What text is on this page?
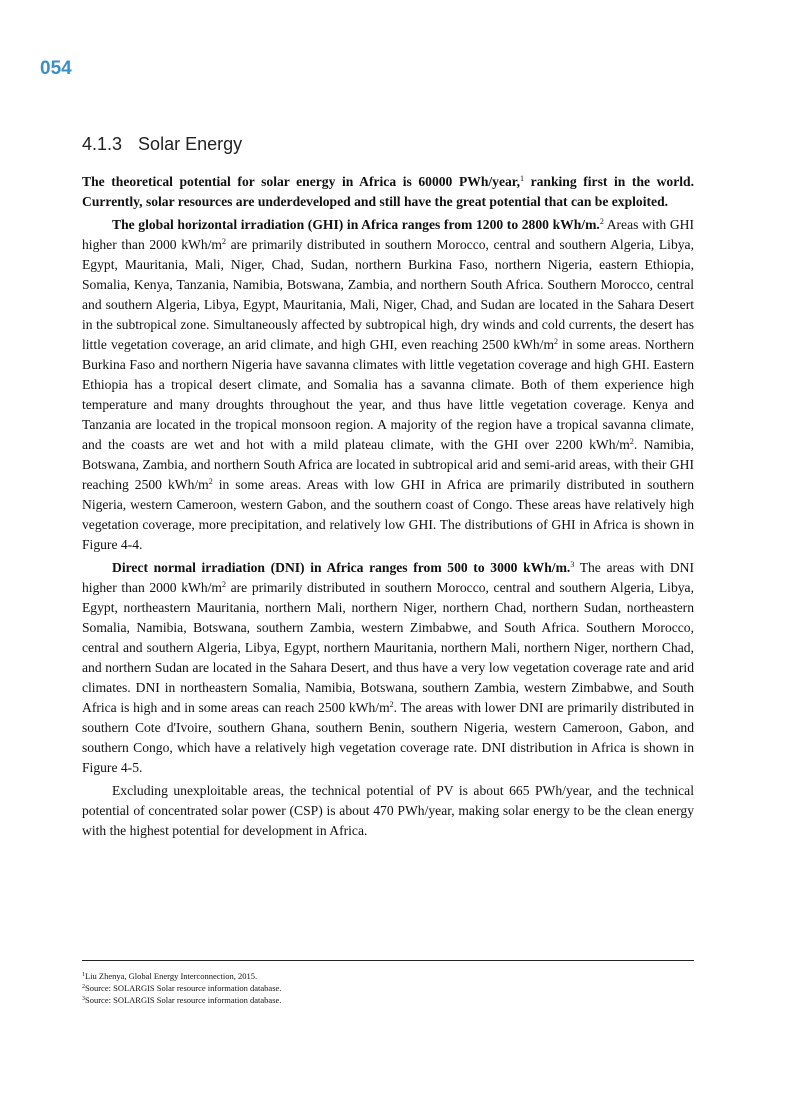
054
4.1.3 Solar Energy

The theoretical potential for solar energy in Africa is 60000 PWh/year,$^1$ ranking first in the world. Currently, solar resources are underdeveloped and still have the great potential that can be exploited.

The global horizontal irradiation (GHI) in Africa ranges from 1200 to 2800 kWh/m.$^2$ Areas with GHI higher than 2000 kWh/$m^2$ are primarily distributed in southern Morocco, central and southern Algeria, Libya, Egypt, Mauritania, Mali, Niger, Chad, Sudan, northern Burkina Faso, northern Nigeria, eastern Ethiopia, Somalia, Kenya, Tanzania, Namibia, Botswana, Zambia, and northern South Africa. Southern Morocco, central and southern Algeria, Libya, Egypt, Mauritania, Mali, Niger, Chad, and Sudan are located in the Sahara Desert in the subtropical zone. Simultaneously affected by subtropical high, dry winds and cold currents, the desert has little vegetation coverage, an arid climate, and high GHI, even reaching 2500 kWh/$m^2$ in some areas. Northern Burkina Faso and northern Nigeria have savanna climates with little vegetation coverage and high GHI. Eastern Ethiopia has a tropical desert climate, and Somalia has a savanna climate. Both of them experience high temperature and many droughts throughout the year, and thus have little vegetation coverage. Kenya and Tanzania are located in the tropical monsoon region. A majority of the region have a tropical savanna climate, and the coasts are wet and hot with a mild plateau climate, with the GHI over 2200 kWh/$m^2$. Namibia, Botswana, Zambia, and northern South Africa are located in subtropical arid and semi-arid areas, with their GHI reaching 2500 kWh/$m^2$ in some areas. Areas with low GHI in Africa are primarily distributed in southern Nigeria, western Cameroon, western Gabon, and the southern coast of Congo. These areas have relatively high vegetation coverage, more precipitation, and relatively low GHI. The distributions of GHI in Africa is shown in Figure 4-4.

Direct normal irradiation (DNI) in Africa ranges from 500 to 3000 kWh/m.$^3$ The areas with DNI higher than 2000 kWh/$m^2$ are primarily distributed in southern Morocco, central and southern Algeria, Libya, Egypt, northeastern Mauritania, northern Mali, northern Niger, northern Chad, northern Sudan, northeastern Somalia, Namibia, Botswana, southern Zambia, western Zimbabwe, and South Africa. Southern Morocco, central and southern Algeria, Libya, Egypt, northern Mauritania, northern Mali, northern Niger, northern Chad, and northern Sudan are located in the Sahara Desert, and thus have a very low vegetation coverage rate and arid climates. DNI in northeastern Somalia, Namibia, Botswana, southern Zambia, western Zimbabwe, and South Africa is high and in some areas can reach 2500 kWh/$m^2$. The areas with lower DNI are primarily distributed in southern Cote d'Ivoire, southern Ghana, southern Benin, southern Nigeria, western Cameroon, Gabon, and southern Congo, which have a relatively high vegetation coverage rate. DNI distribution in Africa is shown in Figure 4-5.

Excluding unexploitable areas, the technical potential of PV is about 665 PWh/year, and the technical potential of concentrated solar power (CSP) is about 470 PWh/year, making solar energy to be the clean energy with the highest potential for development in Africa.

$^1$Liu Zhenya, Global Energy Interconnection, 2015.
$^2$Source: SOLARGIS Solar resource information database.
$^3$Source: SOLARGIS Solar resource information database.
